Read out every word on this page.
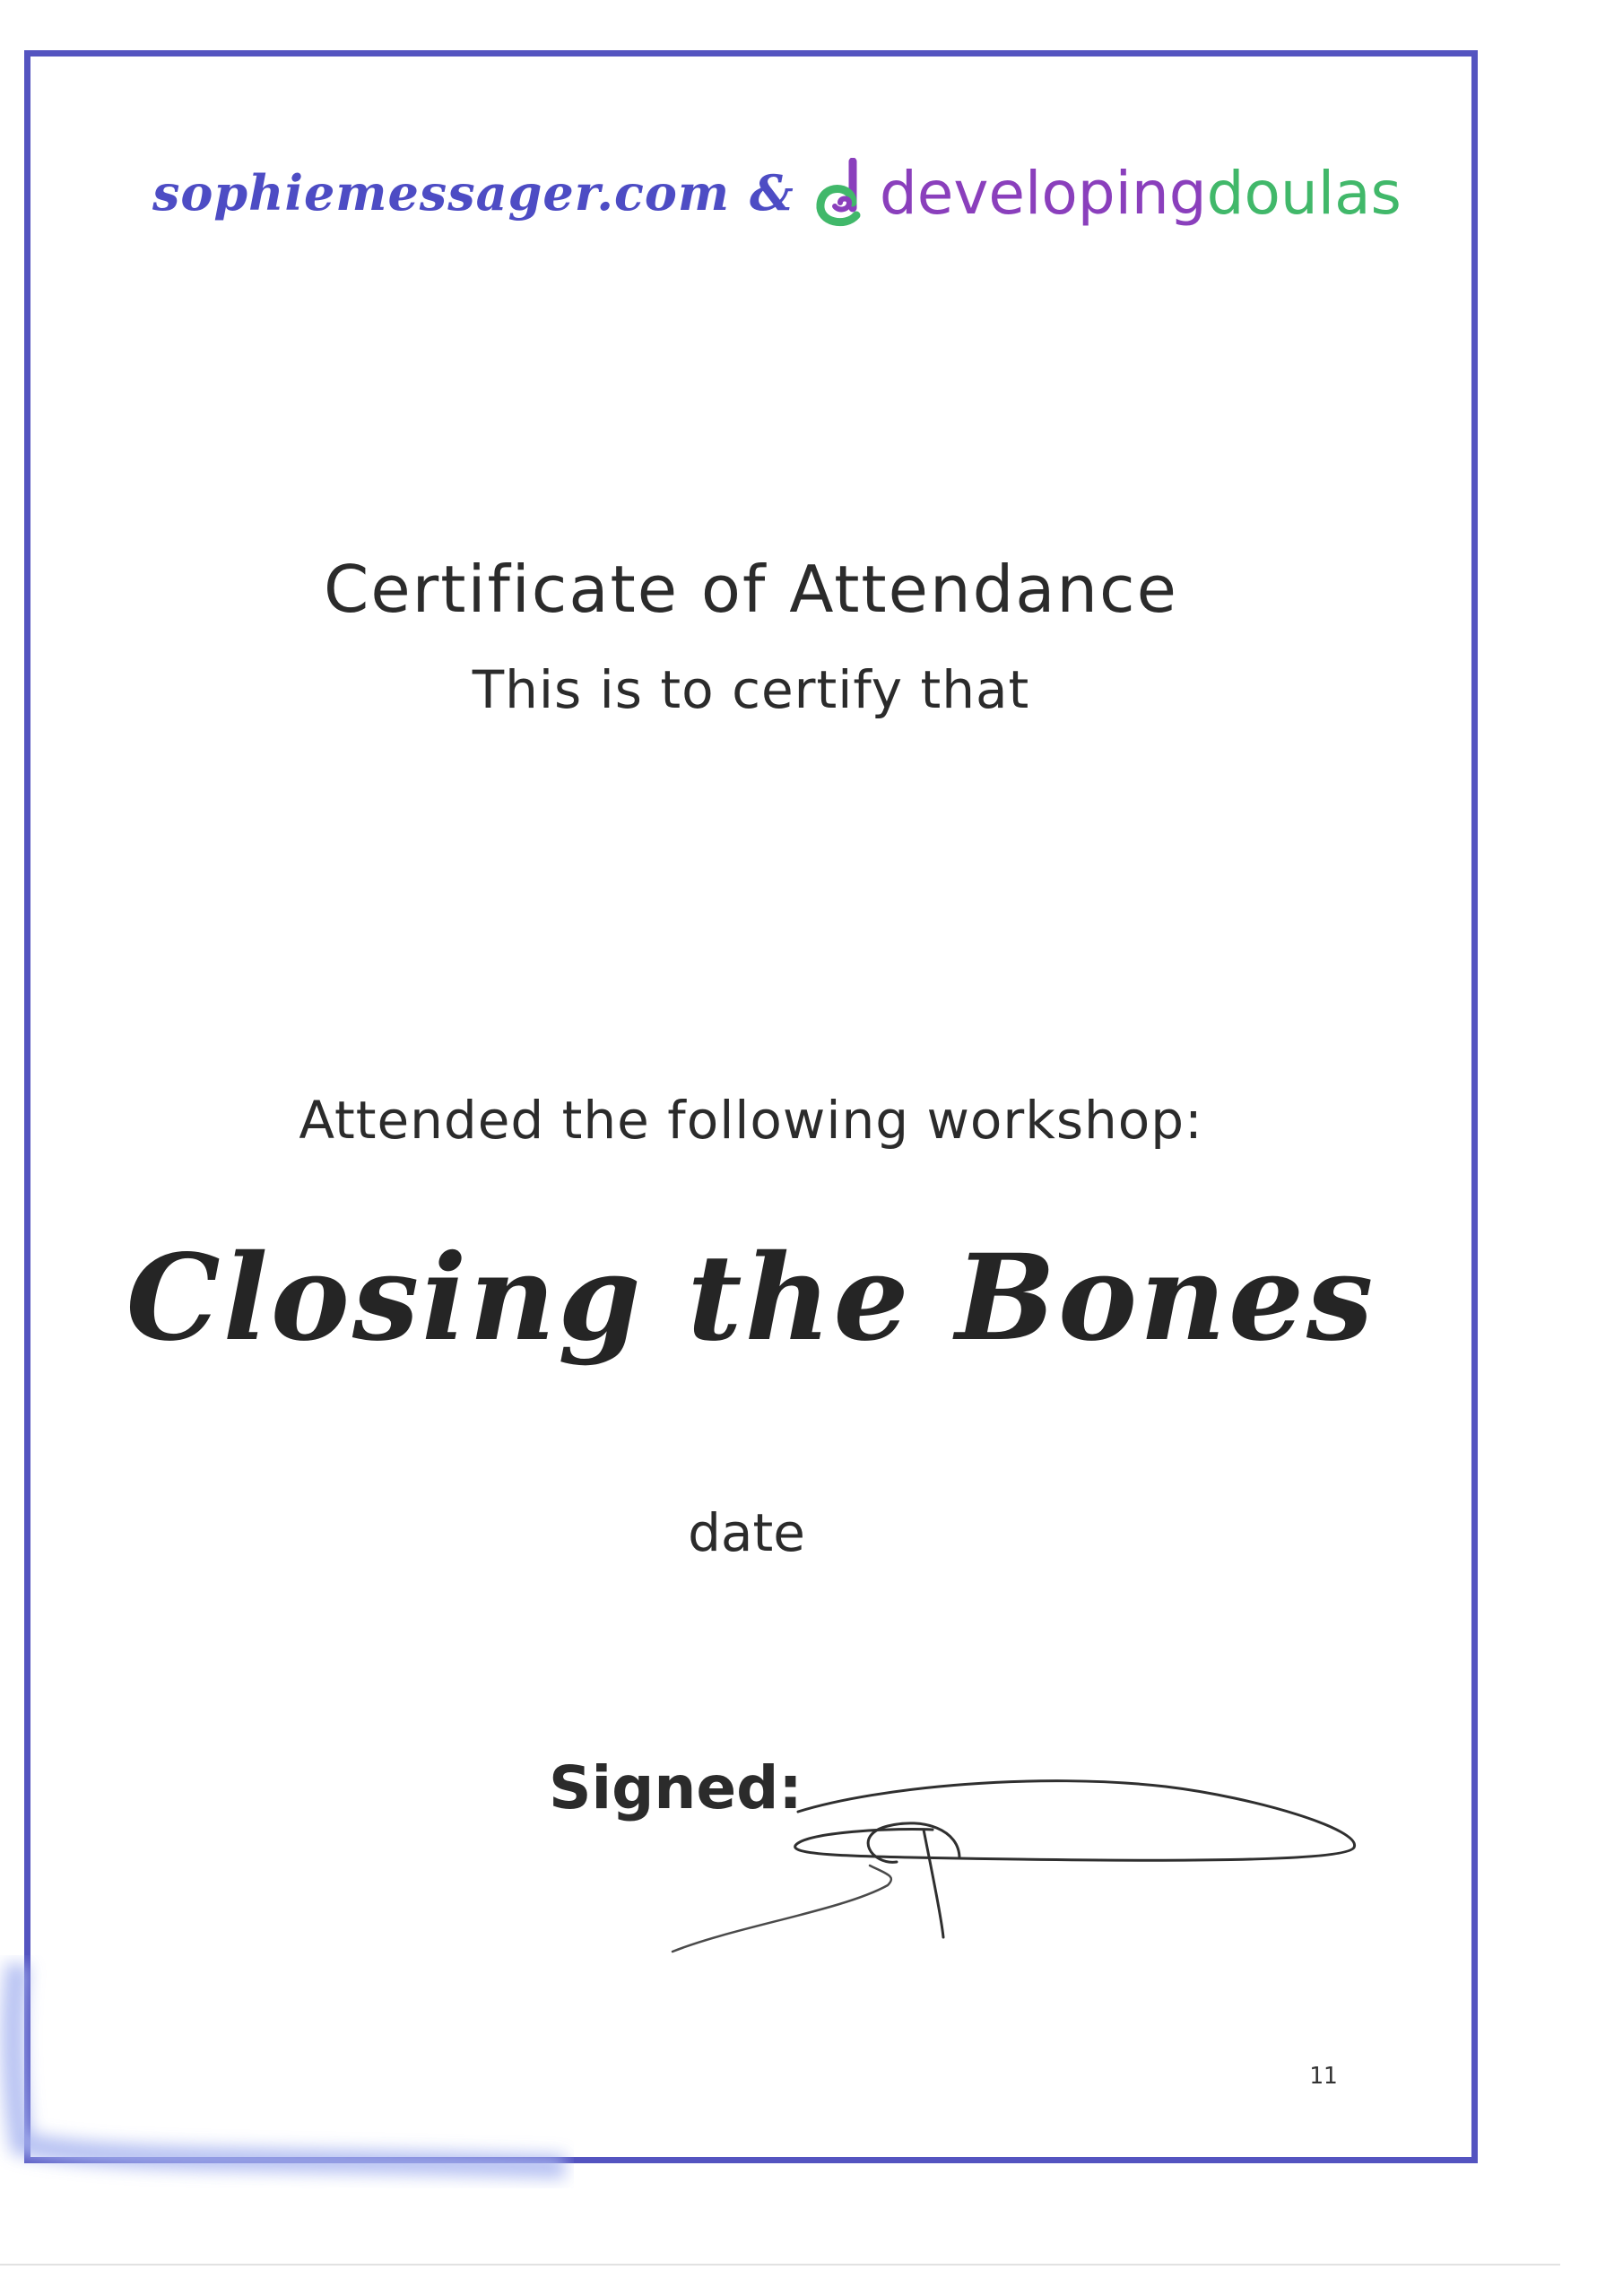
sophiemessager.com & developingdoulas
Certificate of Attendance
This is to certify that
Attended the following workshop:
Closing the Bones
date
Signed:
11
